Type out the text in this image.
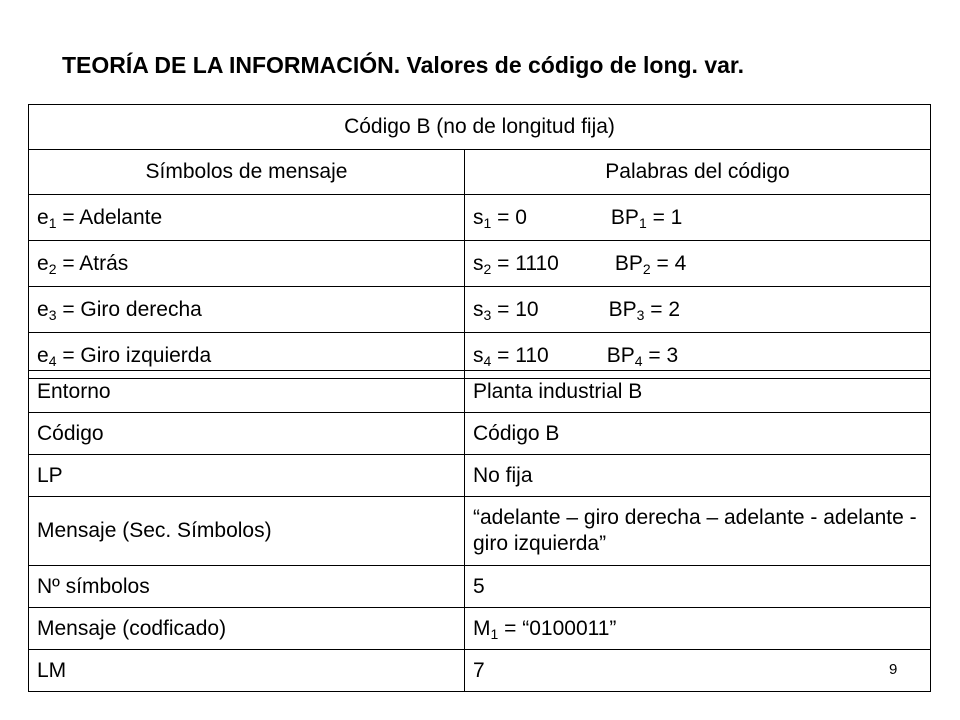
TEORÍA DE LA INFORMACIÓN. Valores de código de long. var.
Código B (no de longitud fija)	
Símbolos de mensaje	Palabras del código
$e_1$ = Adelante	$s_1 = 0$ $BP_1 = 1$
$e_2$ = Atrás	$s_2 = 1110$ $BP_2 = 4$
$e_3$ = Giro derecha	$s_3 = 10$ $BP_3 = 2$
$e_4$ = Giro izquierda	$s_4 = 110$ $BP_4 = 3$
Entorno	Planta industrial B
Código	Código B
LP	No fija
Mensaje (Sec. Símbolos)	“adelante – giro derecha – adelante - adelante - giro izquierda”
Nº símbolos	5
Mensaje (codficado)	$M_1$ = “0100011”
LM	7	9
